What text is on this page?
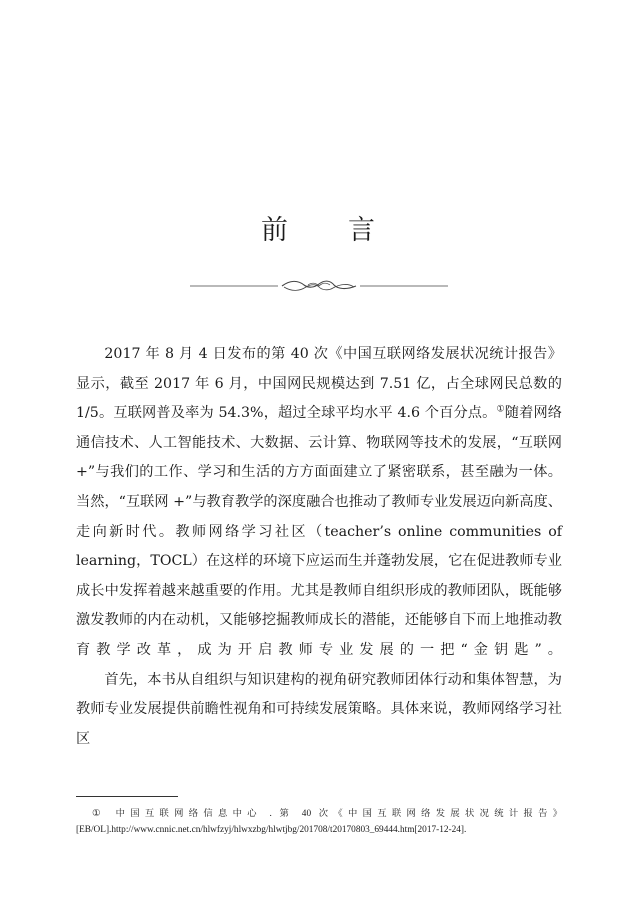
前 言

2017 年 8 月 4 日发布的第 40 次《中国互联网络发展状况统计报告》显示，截至 2017 年 6 月，中国网民规模达到 7.51 亿，占全球网民总数的 1/5。互联网普及率为 54.3%，超过全球平均水平 4.6 个百分点。①随着网络通信技术、人工智能技术、大数据、云计算、物联网等技术的发展，“互联网 +”与我们的工作、学习和生活的方方面面建立了紧密联系，甚至融为一体。当然，“互联网 +”与教育教学的深度融合也推动了教师专业发展迈向新高度、走向新时代。教师网络学习社区（teacher’s online communities of learning，TOCL）在这样的环境下应运而生并蓬勃发展，它在促进教师专业成长中发挥着越来越重要的作用。尤其是教师自组织形成的教师团队，既能够激发教师的内在动机，又能够挖掘教师成长的潜能，还能够自下而上地推动教育教学改革，成为开启教师专业发展的一把“金钥匙”。

首先，本书从自组织与知识建构的视角研究教师团体行动和集体智慧，为教师专业发展提供前瞻性视角和可持续发展策略。具体来说，教师网络学习社区

① 中国互联网络信息中心 . 第 40 次《中国互联网络发展状况统计报告》[EB/OL].http://www.cnnic.net.cn/hlwfzyj/hlwxzbg/hlwtjbg/201708/t20170803_69444.htm[2017-12-24].
